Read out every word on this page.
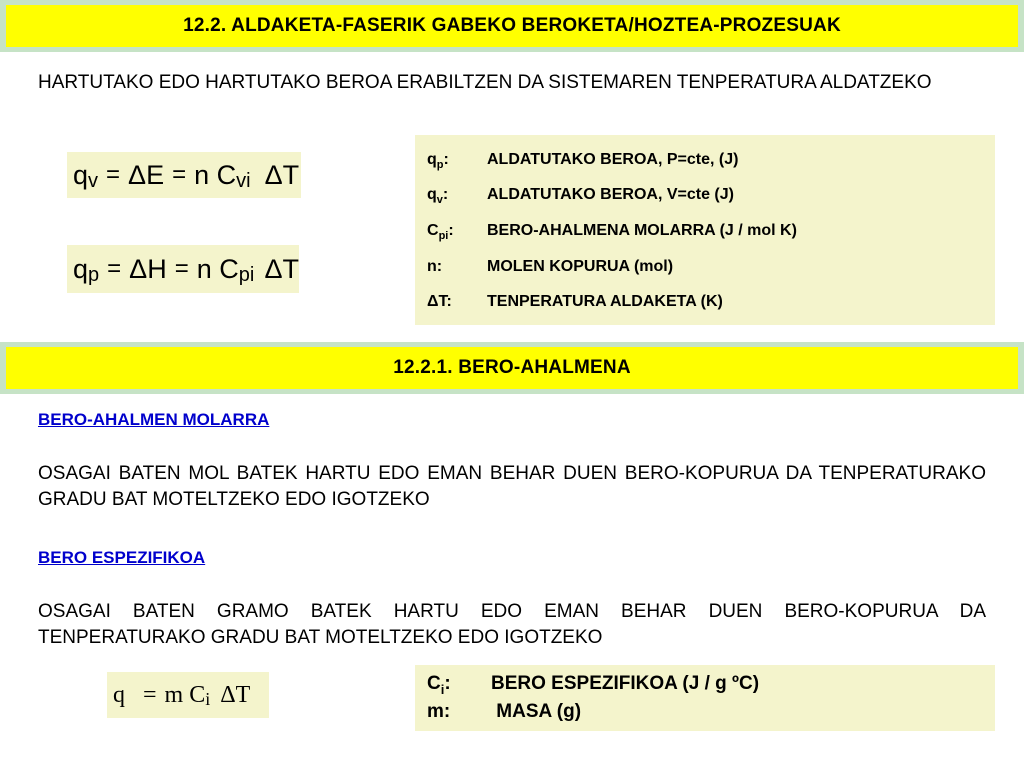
12.2. ALDAKETA-FASERIK GABEKO BEROKETA/HOZTEA-PROZESUAK

HARTUTAKO EDO HARTUTAKO BEROA ERABILTZEN DA SISTEMAREN TENPERATURA ALDATZEKO

q v = ΔE = n
C vi ΔT
q p = ΔH = n
C pi ΔT
$q_p$:	ALDATUTAKO BEROA, P=cte, (J)
$q_v$:	ALDATUTAKO BEROA, V=cte (J)
$C_{pi}$:	BERO-AHALMENA MOLARRA (J / mol K)
n:	MOLEN KOPURUA (mol)
ΔT:	TENPERATURA ALDAKETA (K)
12.2.1. BERO-AHALMENA
BERO-AHALMEN MOLARRA

OSAGAI BATEN MOL BATEK HARTU EDO EMAN BEHAR DUEN BERO-KOPURUA DA TENPERATURAKO GRADU BAT MOTELTZEKO EDO IGOTZEKO

BERO ESPEZIFIKOA

OSAGAI BATEN GRAMO BATEK HARTU EDO EMAN BEHAR DUEN BERO-KOPURUA DA TENPERATURAKO GRADU BAT MOTELTZEKO EDO IGOTZEKO

q = m
C i ΔT	$C_i$:	BERO ESPEZIFIKOA (J / g ºC)
m:	MASA (g)
